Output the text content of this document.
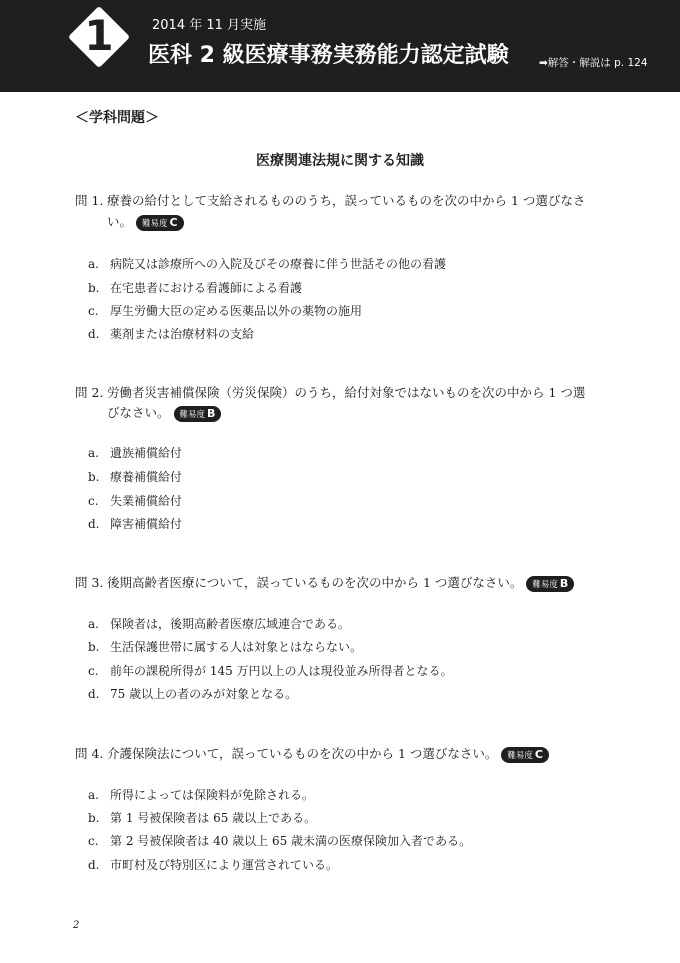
1	2014 年 11 月実施
医科 2 級医療事務実務能力認定試験	➡解答・解説は p. 124
＜学科問題＞
医療関連法規に関する知識
問 1. 療養の給付として支給されるもののうち，誤っているものを次の中から 1 つ選びなさ
い。 難易度 C
a. 病院又は診療所への入院及びその療養に伴う世話その他の看護
b. 在宅患者における看護師による看護
c. 厚生労働大臣の定める医薬品以外の薬物の施用
d. 薬剤または治療材料の支給
問 2. 労働者災害補償保険（労災保険）のうち，給付対象ではないものを次の中から 1 つ選
びなさい。 難易度 B
a. 遺族補償給付
b. 療養補償給付
c. 失業補償給付
d. 障害補償給付
問 3. 後期高齢者医療について，誤っているものを次の中から 1 つ選びなさい。 難易度 B
a. 保険者は，後期高齢者医療広域連合である。
b. 生活保護世帯に属する人は対象とはならない。
c. 前年の課税所得が 145 万円以上の人は現役並み所得者となる。
d. 75 歳以上の者のみが対象となる。
問 4. 介護保険法について，誤っているものを次の中から 1 つ選びなさい。 難易度 C
a. 所得によっては保険料が免除される。
b. 第 1 号被保険者は 65 歳以上である。
c. 第 2 号被保険者は 40 歳以上 65 歳未満の医療保険加入者である。
d. 市町村及び特別区により運営されている。
2
